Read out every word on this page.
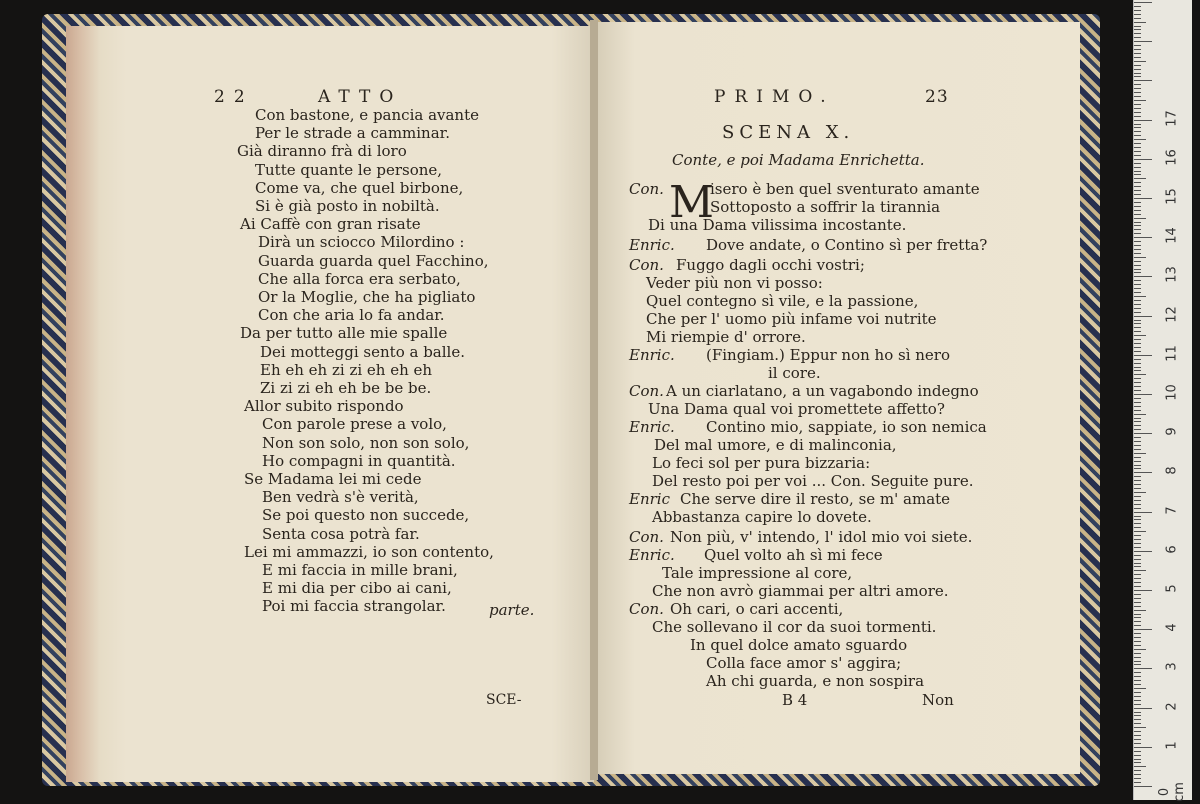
Con bastone, e pancia avante
Per le strade a camminar.
Già diranno frà di loro
Tutte quante le persone,
Come va, che quel birbone,
Si è già posto in nobiltà.
Ai Caffè con gran risate
Dirà un sciocco Milordino :
Guarda guarda quel Facchino,
Che alla forca era serbato,
Or la Moglie, che ha pigliato
Con che aria lo fa andar.
Da per tutto alle mie spalle
Dei motteggi sento a balle.
Eh eh eh zi zi eh eh eh
Zi zi zi eh eh be be be.
Allor subito rispondo
Con parole prese a volo,
Non son solo, non son solo,
Ho compagni in quantità.
Se Madama lei mi cede
Ben vedrà s'è verità,
Se poi questo non succede,
Senta cosa potrà far.
Lei mi ammazzi, io son contento,
E mi faccia in mille brani,
E mi dia per cibo ai cani,
Poi mi faccia strangolar.
Con.	isero è ben quel sventurato amante
Sottoposto a soffrir la tirannia
Di una Dama vilissima incostante.
Enric. Dove andate, o Contino sì per fretta?
Con. Fuggo dagli occhi vostri;
Veder più non vi posso:
Quel contegno sì vile, e la passione,
Che per l' uomo più infame voi nutrite
Mi riempie d' orrore.
Enric. (Fingiam.) Eppur non ho sì nero
il core.
Con. A un ciarlatano, a un vagabondo indegno
Una Dama qual voi promettete affetto?
Enric. Contino mio, sappiate, io son nemica
Del mal umore, e di malinconia,
Lo feci sol per pura bizzaria:
Del resto poi per voi ... Con. Seguite pure.
Enric Che serve dire il resto, se m' amate
Abbastanza capire lo dovete.
Con. Non più, v' intendo, l' idol mio voi siete.
Enric. Quel volto ah sì mi fece
Tale impressione al core,
Che non avrò giammai per altri amore.
Con. Oh cari, o cari accenti,
Che sollevano il cor da suoi tormenti.
In quel dolce amato sguardo
Colla face amor s' aggira;
Ah chi guarda, e non sospira
22	ATTO
parte.
SCE-
PRIMO.	23
SCENA X.
Conte, e poi Madama Enrichetta.
M
B 4	Non
17
16
15
14
13
12
11
10
9
8
7
6
5
4
3
2
1
0 cm
